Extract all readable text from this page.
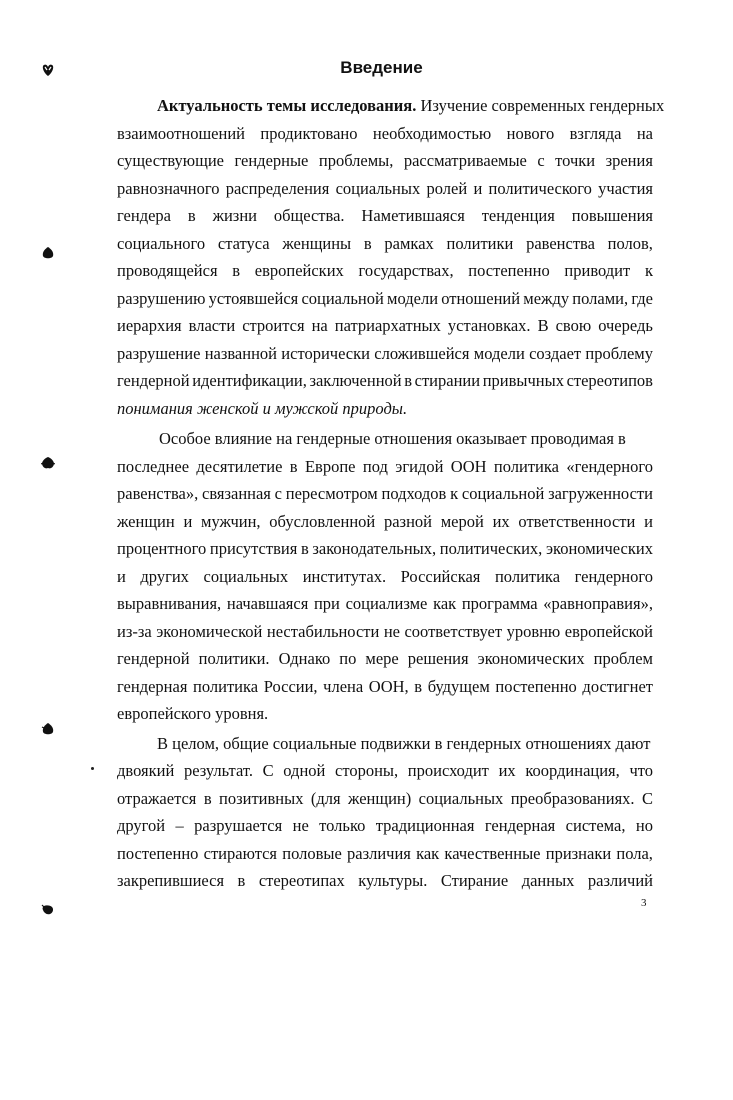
Введение
Актуальность темы исследования. Изучение современных гендерных
взаимоотношений продиктовано необходимостью нового взгляда на
существующие гендерные проблемы, рассматриваемые с точки зрения
равнозначного распределения социальных ролей и политического участия
гендера в жизни общества. Наметившаяся тенденция повышения
социального статуса женщины в рамках политики равенства полов,
проводящейся в европейских государствах, постепенно приводит к
разрушению устоявшейся социальной модели отношений между полами, где
иерархия власти строится на патриархатных установках. В свою очередь
разрушение названной исторически сложившейся модели создает проблему
гендерной идентификации, заключенной в стирании привычных стереотипов
понимания женской и мужской природы.
Особое влияние на гендерные отношения оказывает проводимая в
последнее десятилетие в Европе под эгидой ООН политика «гендерного
равенства», связанная с пересмотром подходов к социальной загруженности
женщин и мужчин, обусловленной разной мерой их ответственности и
процентного присутствия в законодательных, политических, экономических
и других социальных институтах. Российская политика гендерного
выравнивания, начавшаяся при социализме как программа «равноправия»,
из-за экономической нестабильности не соответствует уровню европейской
гендерной политики. Однако по мере решения экономических проблем
гендерная политика России, члена ООН, в будущем постепенно достигнет
европейского уровня.
В целом, общие социальные подвижки в гендерных отношениях дают
двоякий результат. С одной стороны, происходит их координация, что
отражается в позитивных (для женщин) социальных преобразованиях. С
другой – разрушается не только традиционная гендерная система, но
постепенно стираются половые различия как качественные признаки пола,
закрепившиеся в стереотипах культуры. Стирание данных различий
3
